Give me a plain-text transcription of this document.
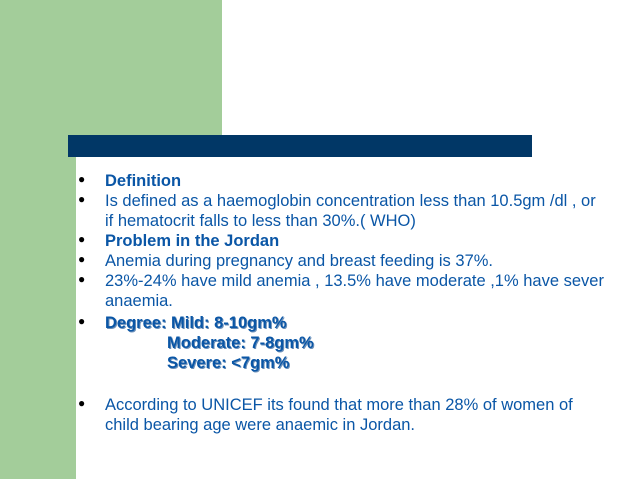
●
Definition
●
Is defined as a haemoglobin concentration less than 10.5gm /dl , or if hematocrit falls to less than 30%.( WHO)
●
Problem in the Jordan
●
Anemia during pregnancy and breast feeding is 37%.
●
23%-24% have mild anemia , 13.5% have moderate ,1% have sever anaemia.
●
Degree: Mild: 8-10gm%
Moderate: 7-8gm%
Severe: <7gm%
●
According to UNICEF its found that more than 28% of women of child bearing age were anaemic in Jordan.
